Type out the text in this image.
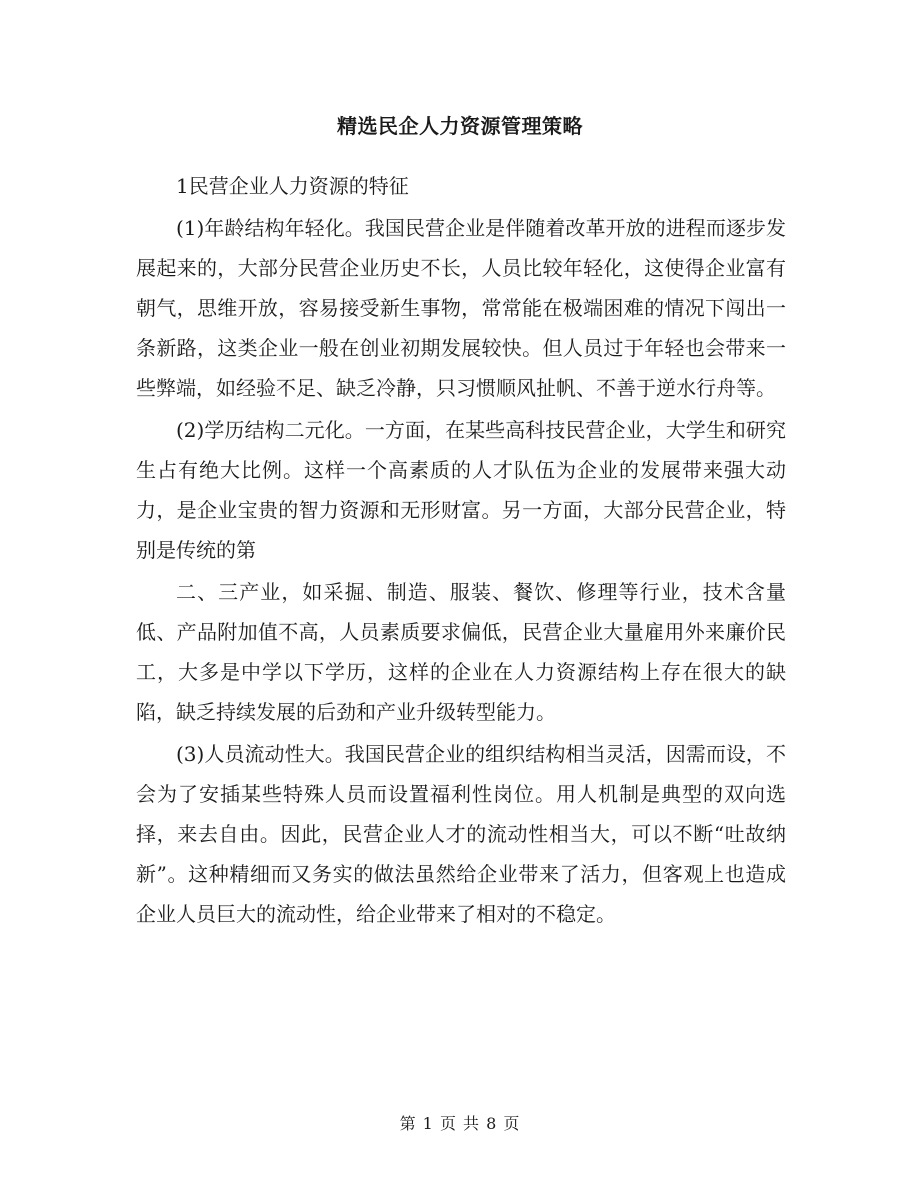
精选民企人力资源管理策略

1民营企业人力资源的特征

(1)年龄结构年轻化。我国民营企业是伴随着改革开放的进程而逐步发展起来的，大部分民营企业历史不长，人员比较年轻化，这使得企业富有朝气，思维开放，容易接受新生事物，常常能在极端困难的情况下闯出一条新路，这类企业一般在创业初期发展较快。但人员过于年轻也会带来一些弊端，如经验不足、缺乏冷静，只习惯顺风扯帆、不善于逆水行舟等。

(2)学历结构二元化。一方面，在某些高科技民营企业，大学生和研究生占有绝大比例。这样一个高素质的人才队伍为企业的发展带来强大动力，是企业宝贵的智力资源和无形财富。另一方面，大部分民营企业，特别是传统的第

二、三产业，如采掘、制造、服装、餐饮、修理等行业，技术含量低、产品附加值不高，人员素质要求偏低，民营企业大量雇用外来廉价民工，大多是中学以下学历，这样的企业在人力资源结构上存在很大的缺陷，缺乏持续发展的后劲和产业升级转型能力。

(3)人员流动性大。我国民营企业的组织结构相当灵活，因需而设，不会为了安插某些特殊人员而设置福利性岗位。用人机制是典型的双向选择，来去自由。因此，民营企业人才的流动性相当大，可以不断“吐故纳新”。这种精细而又务实的做法虽然给企业带来了活力，但客观上也造成企业人员巨大的流动性，给企业带来了相对的不稳定。

第 1 页 共 8 页
